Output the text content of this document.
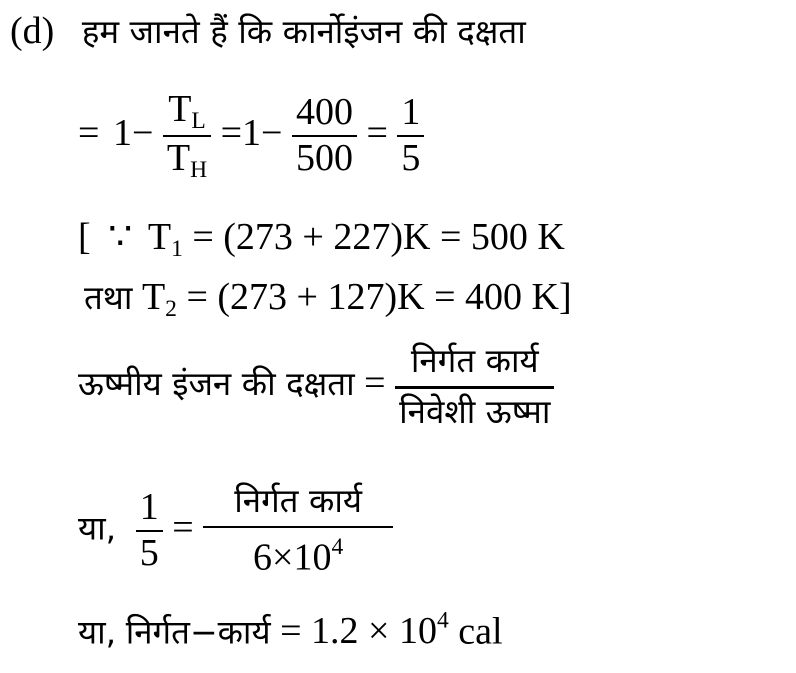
(d) हम जानते हैं कि कार्नोइंजन की दक्षता
= $1- \frac{T_L}{T_H} =1- \frac{400}{500} = \frac{1}{5}$
[ ∵ $T_1 = (273 + 227)K = 500$ K
तथा $T_2 = (273 + 127)K = 400$ K]
ऊष्मीय इंजन की दक्षता = $\frac{\text{निर्गत कार्य}}{\text{निवेशी ऊष्मा}}$
या, $\frac{1}{5} = \frac{\text{निर्गत कार्य}}{6\times 10^4}$
या, निर्गत−कार्य = $1.2 \times 10^4$ cal
